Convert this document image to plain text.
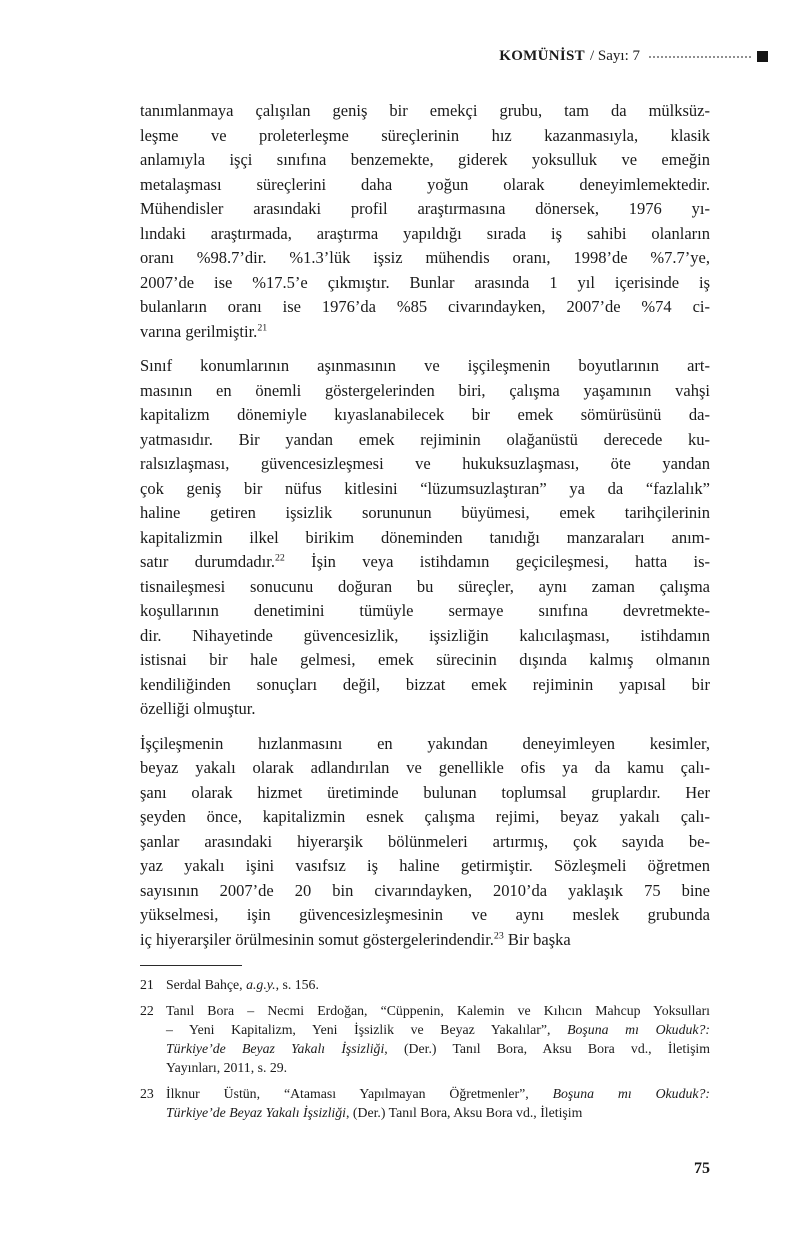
KOMÜNİST / Sayı: 7
tanımlanmaya çalışılan geniş bir emekçi grubu, tam da mülksüz-
leşme ve proleterleşme süreçlerinin hız kazanmasıyla, klasik
anlamıyla işçi sınıfına benzemekte, giderek yoksulluk ve emeğin
metalaşması süreçlerini daha yoğun olarak deneyimlemektedir.
Mühendisler arasındaki profil araştırmasına dönersek, 1976 yı-
lındaki araştırmada, araştırma yapıldığı sırada iş sahibi olanların
oranı %98.7’dir. %1.3’lük işsiz mühendis oranı, 1998’de %7.7’ye,
2007’de ise %17.5’e çıkmıştır. Bunlar arasında 1 yıl içerisinde iş
bulanların oranı ise 1976’da %85 civarındayken, 2007’de %74 ci-
varına gerilmiştir.$^{21}$
Sınıf konumlarının aşınmasının ve işçileşmenin boyutlarının art-
masının en önemli göstergelerinden biri, çalışma yaşamının vahşi
kapitalizm dönemiyle kıyaslanabilecek bir emek sömürüsünü da-
yatmasıdır. Bir yandan emek rejiminin olağanüstü derecede ku-
ralsızlaşması, güvencesizleşmesi ve hukuksuzlaşması, öte yandan
çok geniş bir nüfus kitlesini “lüzumsuzlaştıran” ya da “fazlalık”
haline getiren işsizlik sorununun büyümesi, emek tarihçilerinin
kapitalizmin ilkel birikim döneminden tanıdığı manzaraları anım-
satır durumdadır.$^{22}$ İşin veya istihdamın geçicileşmesi, hatta is-
tisnaileşmesi sonucunu doğuran bu süreçler, aynı zaman çalışma
koşullarının denetimini tümüyle sermaye sınıfına devretmekte-
dir. Nihayetinde güvencesizlik, işsizliğin kalıcılaşması, istihdamın
istisnai bir hale gelmesi, emek sürecinin dışında kalmış olmanın
kendiliğinden sonuçları değil, bizzat emek rejiminin yapısal bir
özelliği olmuştur.
İşçileşmenin hızlanmasını en yakından deneyimleyen kesimler,
beyaz yakalı olarak adlandırılan ve genellikle ofis ya da kamu çalı-
şanı olarak hizmet üretiminde bulunan toplumsal gruplardır. Her
şeyden önce, kapitalizmin esnek çalışma rejimi, beyaz yakalı çalı-
şanlar arasındaki hiyerarşik bölünmeleri artırmış, çok sayıda be-
yaz yakalı işini vasıfsız iş haline getirmiştir. Sözleşmeli öğretmen
sayısının 2007’de 20 bin civarındayken, 2010’da yaklaşık 75 bine
yükselmesi, işin güvencesizleşmesinin ve aynı meslek grubunda
iç hiyerarşiler örülmesinin somut göstergelerindendir.$^{23}$ Bir başka
21 Serdal Bahçe, a.g.y., s. 156.
22 Tanıl Bora – Necmi Erdoğan, “Cüppenin, Kalemin ve Kılıcın Mahcup Yoksulları
– Yeni Kapitalizm, Yeni İşsizlik ve Beyaz Yakalılar”, Boşuna mı Okuduk?:
Türkiye’de Beyaz Yakalı İşsizliği, (Der.) Tanıl Bora, Aksu Bora vd., İletişim
Yayınları, 2011, s. 29.
23 İlknur Üstün, “Ataması Yapılmayan Öğretmenler”, Boşuna mı Okuduk?:
Türkiye’de Beyaz Yakalı İşsizliği, (Der.) Tanıl Bora, Aksu Bora vd., İletişim
75
